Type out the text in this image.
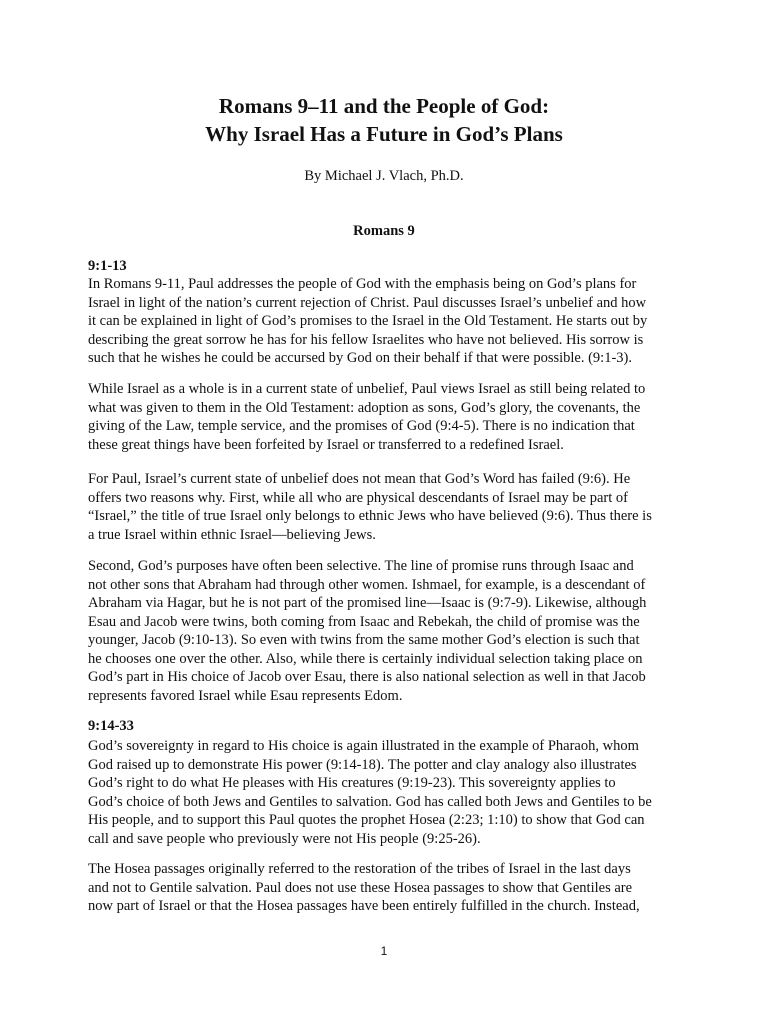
Romans 9–11 and the People of God:
Why Israel Has a Future in God’s Plans

By Michael J. Vlach, Ph.D.

Romans 9
9:1-13
In Romans 9-11, Paul addresses the people of God with the emphasis being on God’s plans for
Israel in light of the nation’s current rejection of Christ. Paul discusses Israel’s unbelief and how
it can be explained in light of God’s promises to the Israel in the Old Testament. He starts out by
describing the great sorrow he has for his fellow Israelites who have not believed. His sorrow is
such that he wishes he could be accursed by God on their behalf if that were possible. (9:1-3).
While Israel as a whole is in a current state of unbelief, Paul views Israel as still being related to
what was given to them in the Old Testament: adoption as sons, God’s glory, the covenants, the
giving of the Law, temple service, and the promises of God (9:4-5). There is no indication that
these great things have been forfeited by Israel or transferred to a redefined Israel.
For Paul, Israel’s current state of unbelief does not mean that God’s Word has failed (9:6). He
offers two reasons why. First, while all who are physical descendants of Israel may be part of
“Israel,” the title of true Israel only belongs to ethnic Jews who have believed (9:6). Thus there is
a true Israel within ethnic Israel—believing Jews.
Second, God’s purposes have often been selective. The line of promise runs through Isaac and
not other sons that Abraham had through other women. Ishmael, for example, is a descendant of
Abraham via Hagar, but he is not part of the promised line—Isaac is (9:7-9). Likewise, although
Esau and Jacob were twins, both coming from Isaac and Rebekah, the child of promise was the
younger, Jacob (9:10-13). So even with twins from the same mother God’s election is such that
he chooses one over the other. Also, while there is certainly individual selection taking place on
God’s part in His choice of Jacob over Esau, there is also national selection as well in that Jacob
represents favored Israel while Esau represents Edom.
9:14-33
God’s sovereignty in regard to His choice is again illustrated in the example of Pharaoh, whom
God raised up to demonstrate His power (9:14-18). The potter and clay analogy also illustrates
God’s right to do what He pleases with His creatures (9:19-23). This sovereignty applies to
God’s choice of both Jews and Gentiles to salvation. God has called both Jews and Gentiles to be
His people, and to support this Paul quotes the prophet Hosea (2:23; 1:10) to show that God can
call and save people who previously were not His people (9:25-26).
The Hosea passages originally referred to the restoration of the tribes of Israel in the last days
and not to Gentile salvation. Paul does not use these Hosea passages to show that Gentiles are
now part of Israel or that the Hosea passages have been entirely fulfilled in the church. Instead,

1
